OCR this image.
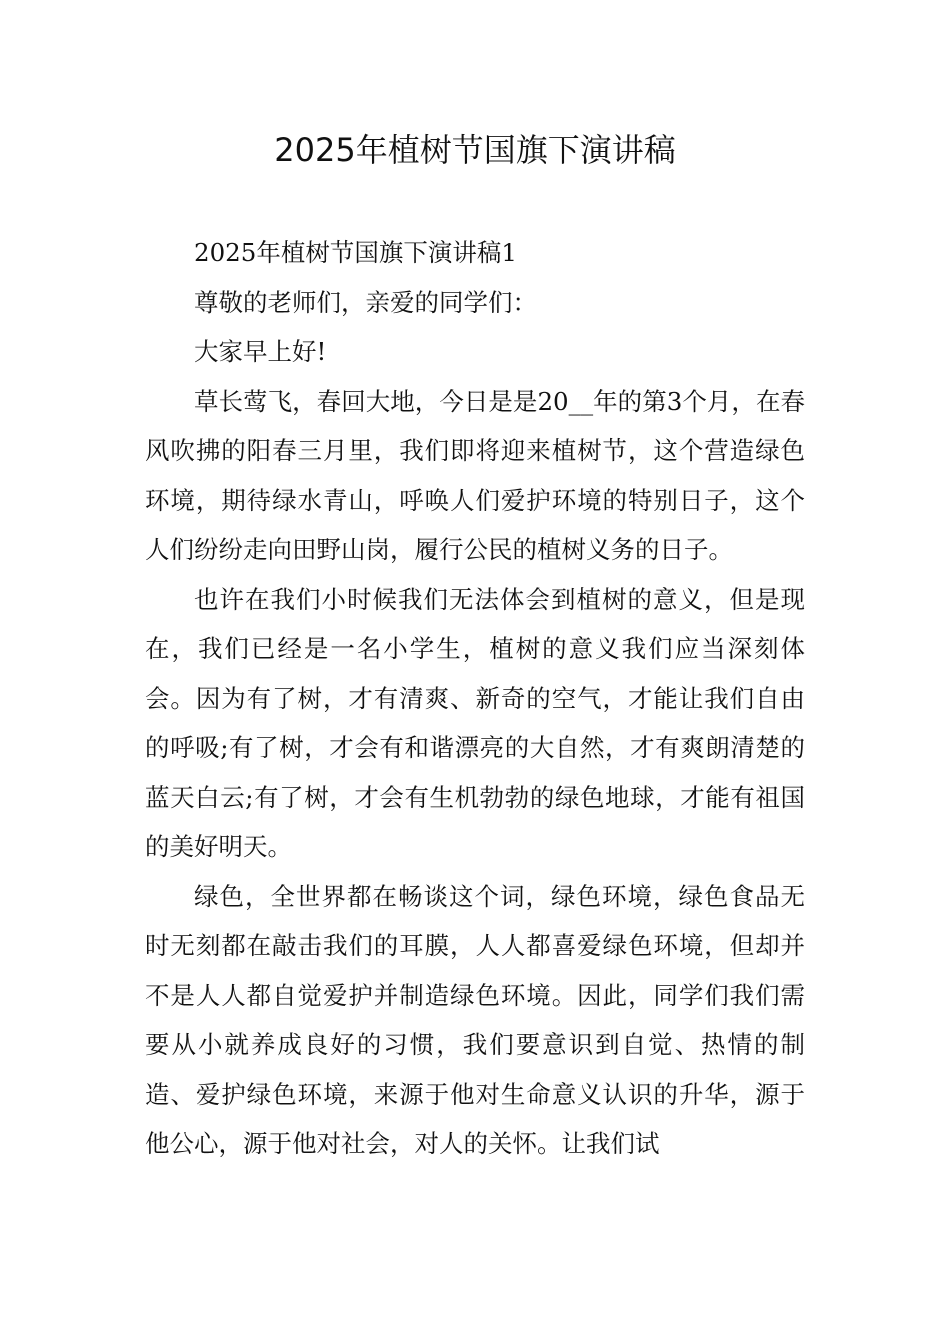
2025年植树节国旗下演讲稿

2025年植树节国旗下演讲稿1

尊敬的老师们，亲爱的同学们：

大家早上好!

草长莺飞，春回大地，今日是是20__年的第3个月，在春风吹拂的阳春三月里，我们即将迎来植树节，这个营造绿色环境，期待绿水青山，呼唤人们爱护环境的特别日子，这个人们纷纷走向田野山岗，履行公民的植树义务的日子。

也许在我们小时候我们无法体会到植树的意义，但是现在，我们已经是一名小学生，植树的意义我们应当深刻体会。因为有了树，才有清爽、新奇的空气，才能让我们自由的呼吸;有了树，才会有和谐漂亮的大自然，才有爽朗清楚的蓝天白云;有了树，才会有生机勃勃的绿色地球，才能有祖国的美好明天。

绿色，全世界都在畅谈这个词，绿色环境，绿色食品无时无刻都在敲击我们的耳膜，人人都喜爱绿色环境，但却并不是人人都自觉爱护并制造绿色环境。因此，同学们我们需要从小就养成良好的习惯，我们要意识到自觉、热情的制造、爱护绿色环境，来源于他对生命意义认识的升华，源于他公心，源于他对社会，对人的关怀。让我们试
